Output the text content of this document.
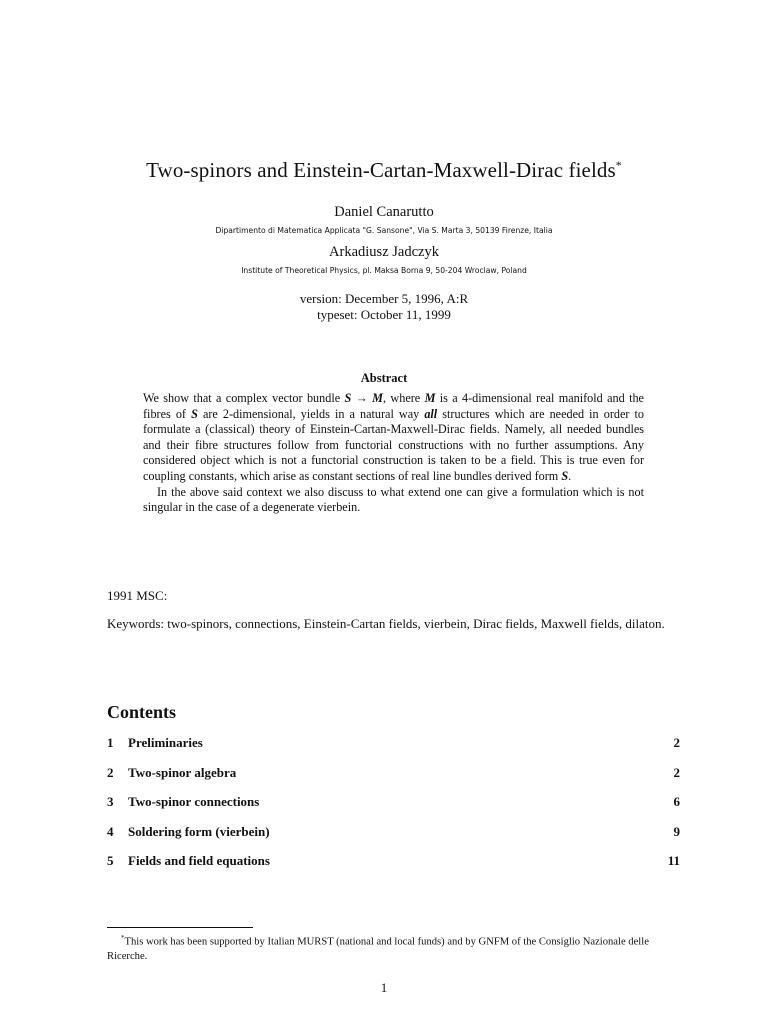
Two-spinors and Einstein-Cartan-Maxwell-Dirac fields*
Daniel Canarutto
Dipartimento di Matematica Applicata "G. Sansone", Via S. Marta 3, 50139 Firenze, Italia
Arkadiusz Jadczyk
Institute of Theoretical Physics, pl. Maksa Borna 9, 50-204 Wroclaw, Poland
version: December 5, 1996, A:R
typeset: October 11, 1999
Abstract

We show that a complex vector bundle S → M, where M is a 4-dimensional real manifold and the fibres of S are 2-dimensional, yields in a natural way all structures which are needed in order to formulate a (classical) theory of Einstein-Cartan-Maxwell-Dirac fields. Namely, all needed bundles and their fibre structures follow from functorial constructions with no further assumptions. Any considered object which is not a functorial construction is taken to be a field. This is true even for coupling constants, which arise as constant sections of real line bundles derived form S.

In the above said context we also discuss to what extend one can give a formulation which is not singular in the case of a degenerate vierbein.

1991 MSC:
Keywords: two-spinors, connections, Einstein-Cartan fields, vierbein, Dirac fields, Maxwell fields, dilaton.
Contents
1	Preliminaries	2
2	Two-spinor algebra	2
3	Two-spinor connections	6
4	Soldering form (vierbein)	9
5	Fields and field equations	11
*This work has been supported by Italian MURST (national and local funds) and by GNFM of the Consiglio Nazionale delle Ricerche.
1
